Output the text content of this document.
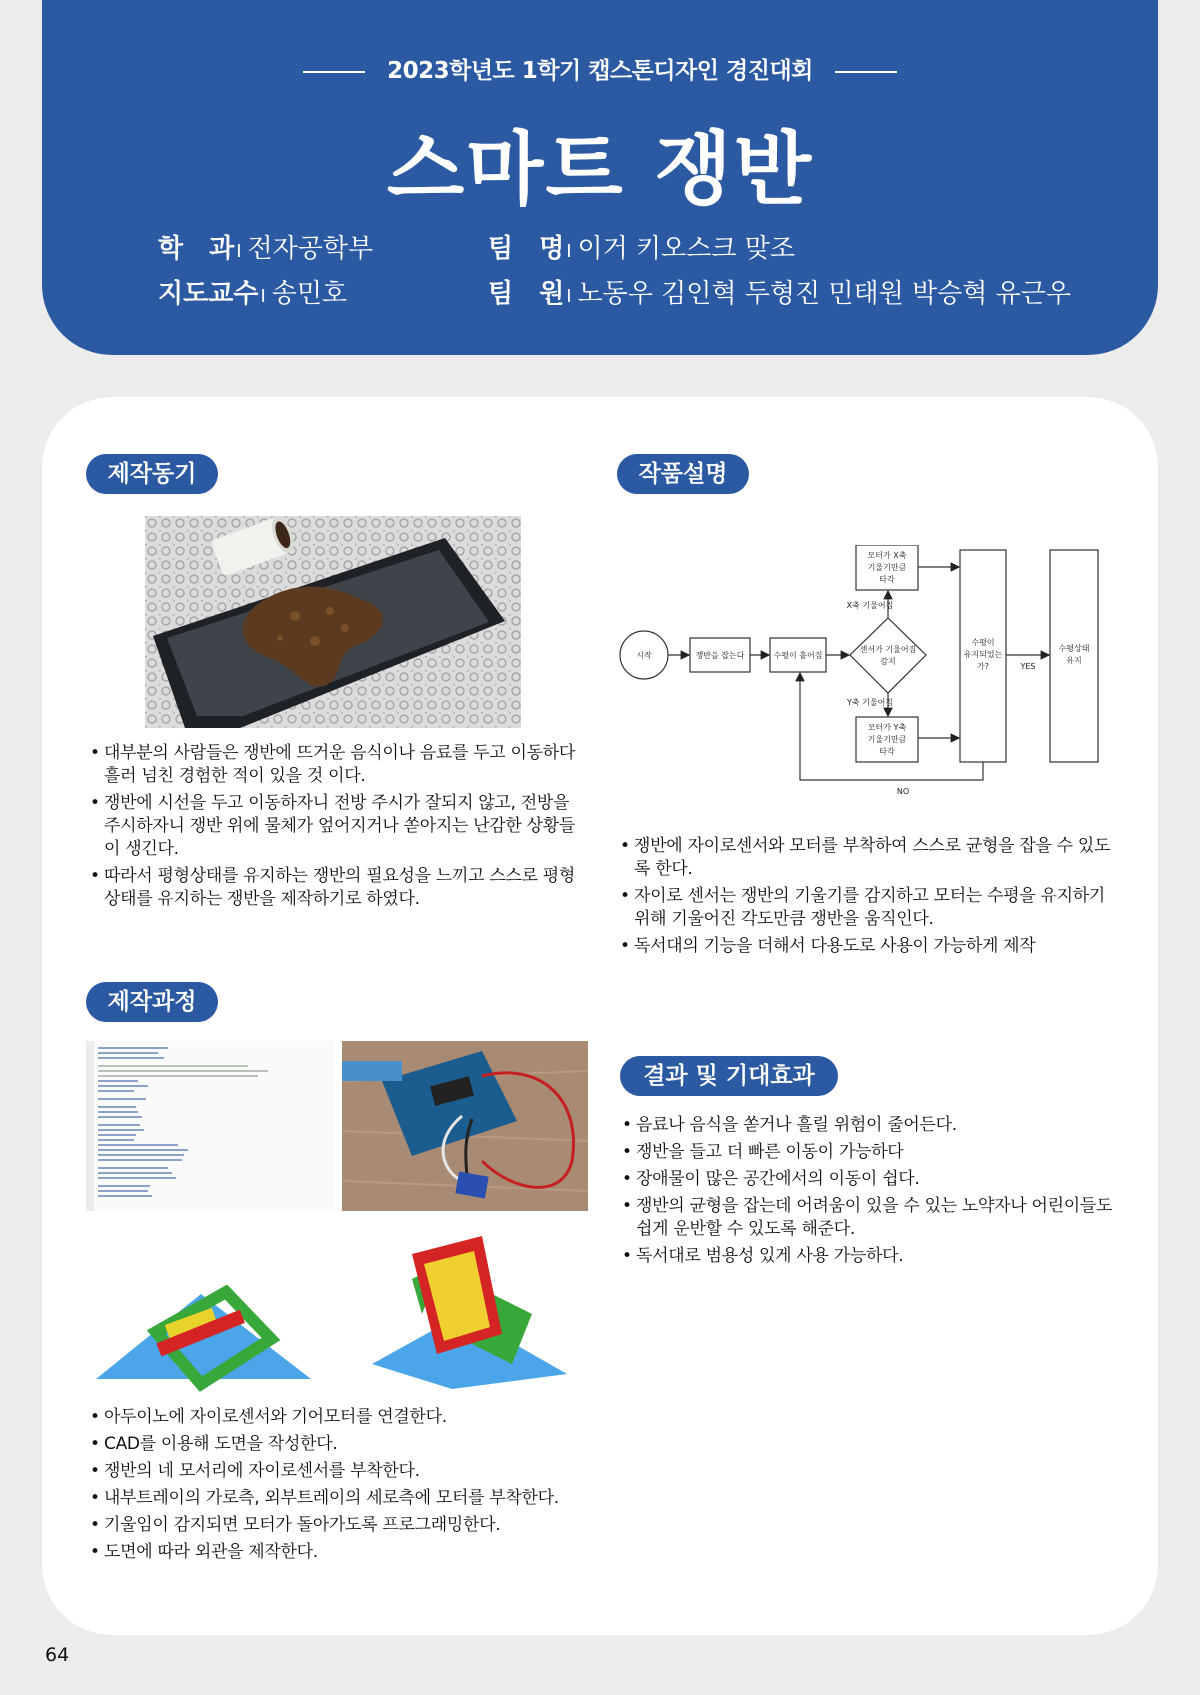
2023학년도 1학기 캡스톤디자인 경진대회
스마트 쟁반
학　과 I 전자공학부
지도교수 I 송민호
팀　명 I 이거 키오스크 맞조
팀　원 I 노동우 김인혁 두형진 민태원 박승혁 유근우
제작동기
• 대부분의 사람들은 쟁반에 뜨거운 음식이나 음료를 두고 이동하다 흘러 넘친 경험한 적이 있을 것 이다.
• 쟁반에 시선을 두고 이동하자니 전방 주시가 잘되지 않고, 전방을 주시하자니 쟁반 위에 물체가 엎어지거나 쏟아지는 난감한 상황들이 생긴다.
• 따라서 평형상태를 유지하는 쟁반의 필요성을 느끼고 스스로 평형상태를 유지하는 쟁반을 제작하기로 하였다.
작품설명
시작	쟁반을 잡는다	수평이 흩어짐
센서가 기울어짐
감지
모터가 X축
기울기만큼
타각
모터가 Y축
기울기만큼
타각
X축 기울어짐
Y축 기울어짐
수평이
유지되었는
가?
수평상태
유지
YES
NO
• 쟁반에 자이로센서와 모터를 부착하여 스스로 균형을 잡을 수 있도록 한다.
• 자이로 센서는 쟁반의 기울기를 감지하고 모터는 수평을 유지하기 위해 기울어진 각도만큼 쟁반을 움직인다.
• 독서대의 기능을 더해서 다용도로 사용이 가능하게 제작
제작과정
• 아두이노에 자이로센서와 기어모터를 연결한다.
• CAD를 이용해 도면을 작성한다.
• 쟁반의 네 모서리에 자이로센서를 부착한다.
• 내부트레이의 가로측, 외부트레이의 세로측에 모터를 부착한다.
• 기울임이 감지되면 모터가 돌아가도록 프로그래밍한다.
• 도면에 따라 외관을 제작한다.
결과 및 기대효과
• 음료나 음식을 쏟거나 흘릴 위험이 줄어든다.
• 쟁반을 들고 더 빠른 이동이 가능하다
• 장애물이 많은 공간에서의 이동이 쉽다.
• 쟁반의 균형을 잡는데 어려움이 있을 수 있는 노약자나 어린이들도 쉽게 운반할 수 있도록 해준다.
• 독서대로 범용성 있게 사용 가능하다.
64
